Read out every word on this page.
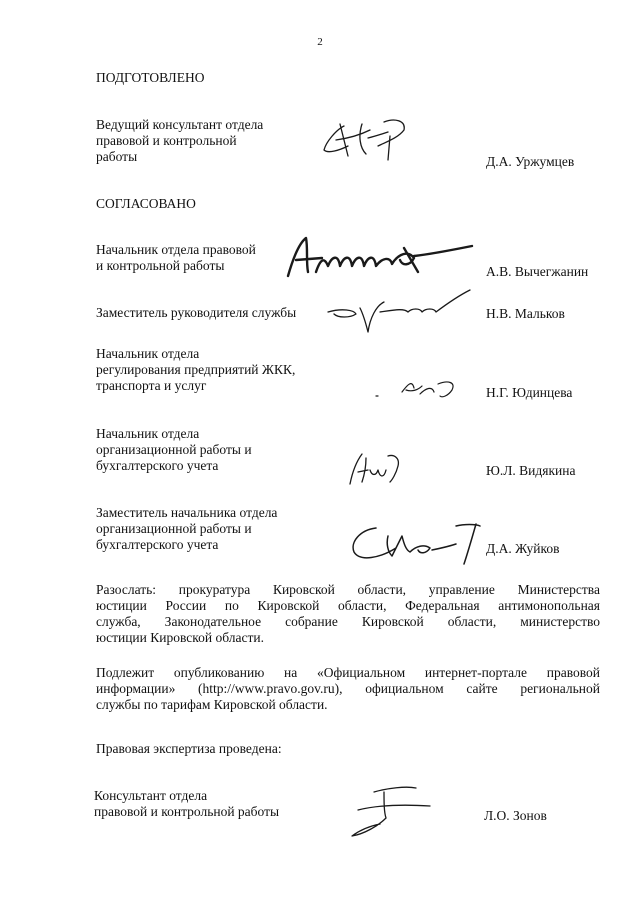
2
ПОДГОТОВЛЕНО
Ведущий консультант отдела
правовой и контрольной
работы	Д.А. Уржумцев
СОГЛАСОВАНО
Начальник отдела правовой
и контрольной работы	А.В. Вычегжанин
Заместитель руководителя службы	Н.В. Мальков
Начальник отдела
регулирования предприятий ЖКК,
транспорта и услуг	Н.Г. Юдинцева
Начальник отдела
организационной работы и
бухгалтерского учета	Ю.Л. Видякина
Заместитель начальника отдела
организационной работы и
бухгалтерского учета	Д.А. Жуйков
Разослать: прокуратура Кировской области, управление Министерства
юстиции России по Кировской области, Федеральная антимонопольная
служба, Законодательное собрание Кировской области, министерство
юстиции Кировской области.
Подлежит опубликованию на «Официальном интернет-портале правовой
информации» (http://www.pravo.gov.ru), официальном сайте региональной
службы по тарифам Кировской области.
Правовая экспертиза проведена:
Консультант отдела
правовой и контрольной работы	Л.О. Зонов
